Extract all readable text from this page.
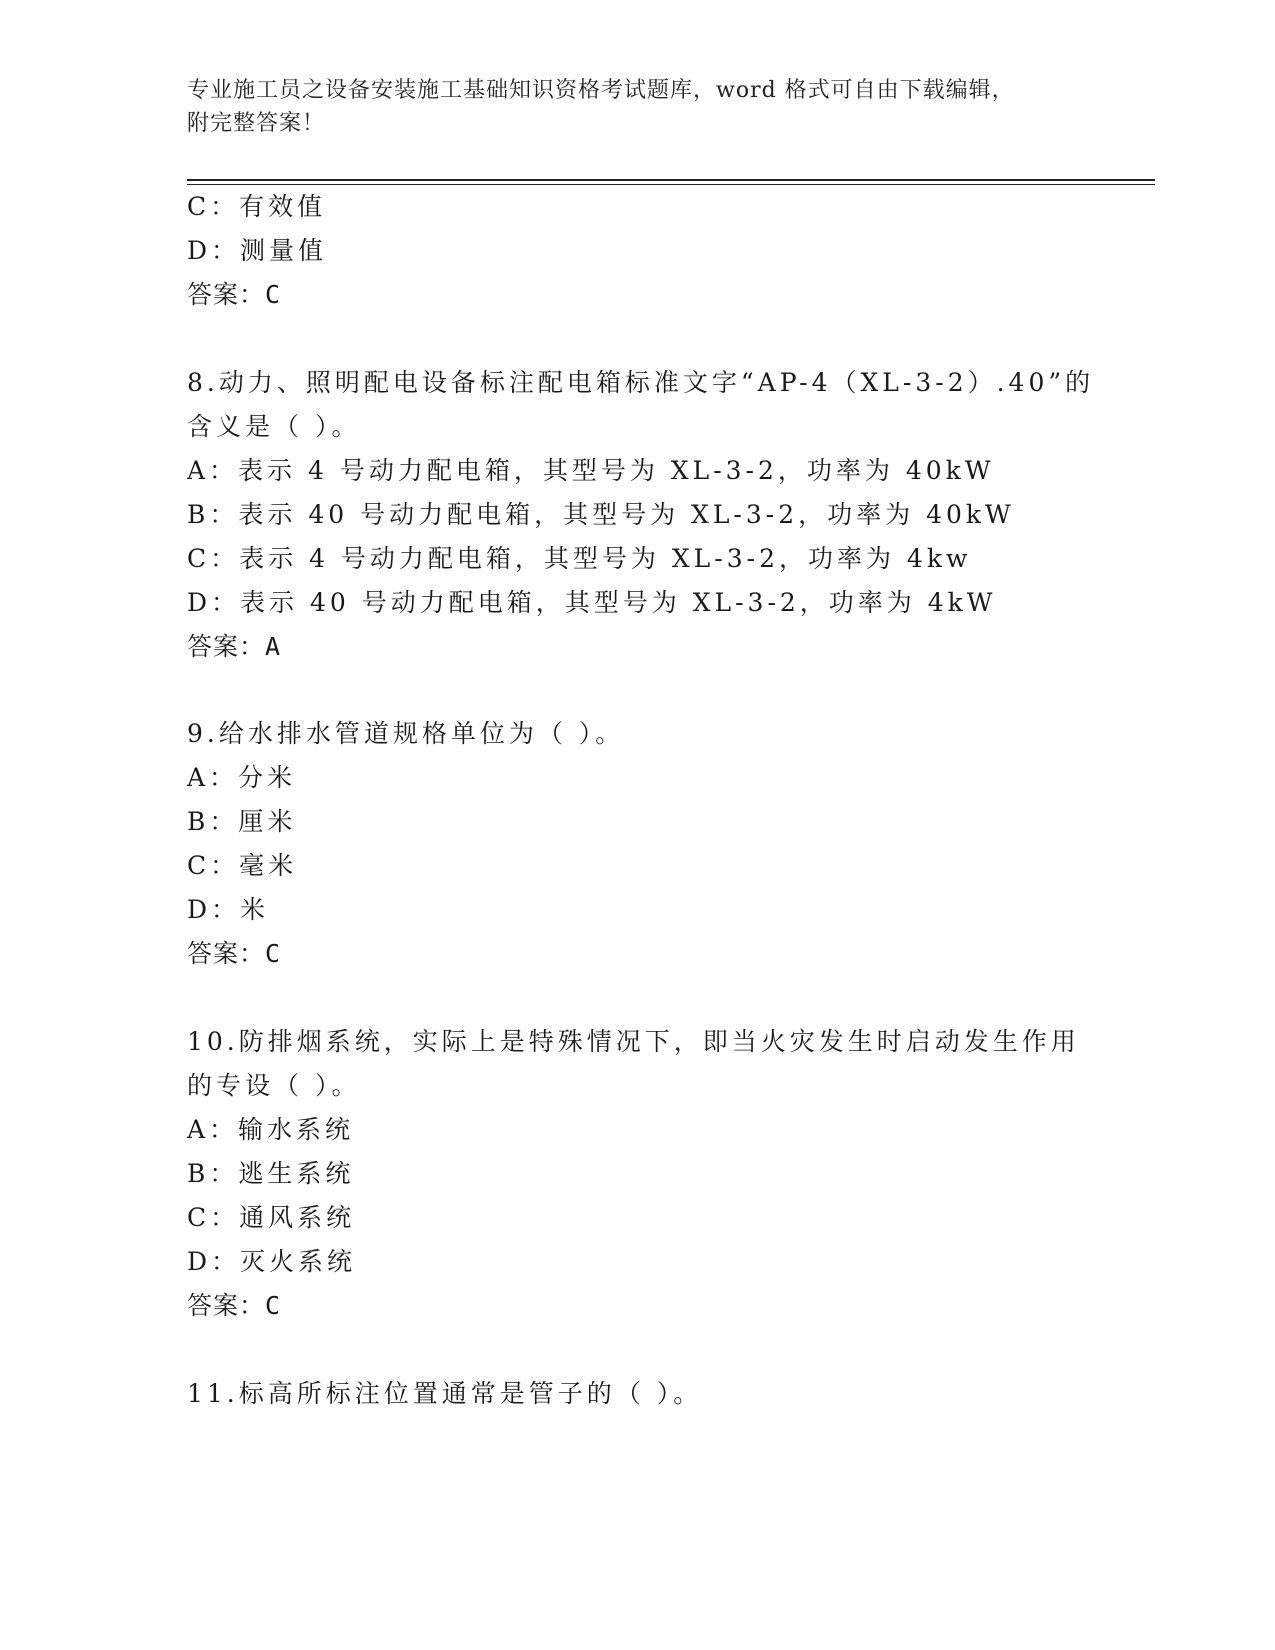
专业施工员之设备安装施工基础知识资格考试题库，word 格式可自由下载编辑，
附完整答案！
C：有效值
D：测量值
答案：C
8.动力、照明配电设备标注配电箱标准文字“AP-4（XL-3-2）.40”的
含义是（ ）。
A：表示 4 号动力配电箱，其型号为 XL-3-2，功率为 40kW
B：表示 40 号动力配电箱，其型号为 XL-3-2，功率为 40kW
C：表示 4 号动力配电箱，其型号为 XL-3-2，功率为 4kw
D：表示 40 号动力配电箱，其型号为 XL-3-2，功率为 4kW
答案：A
9.给水排水管道规格单位为（ ）。
A：分米
B：厘米
C：毫米
D：米
答案：C
10.防排烟系统，实际上是特殊情况下，即当火灾发生时启动发生作用
的专设（ ）。
A：输水系统
B：逃生系统
C：通风系统
D：灭火系统
答案：C
11.标高所标注位置通常是管子的（ ）。
